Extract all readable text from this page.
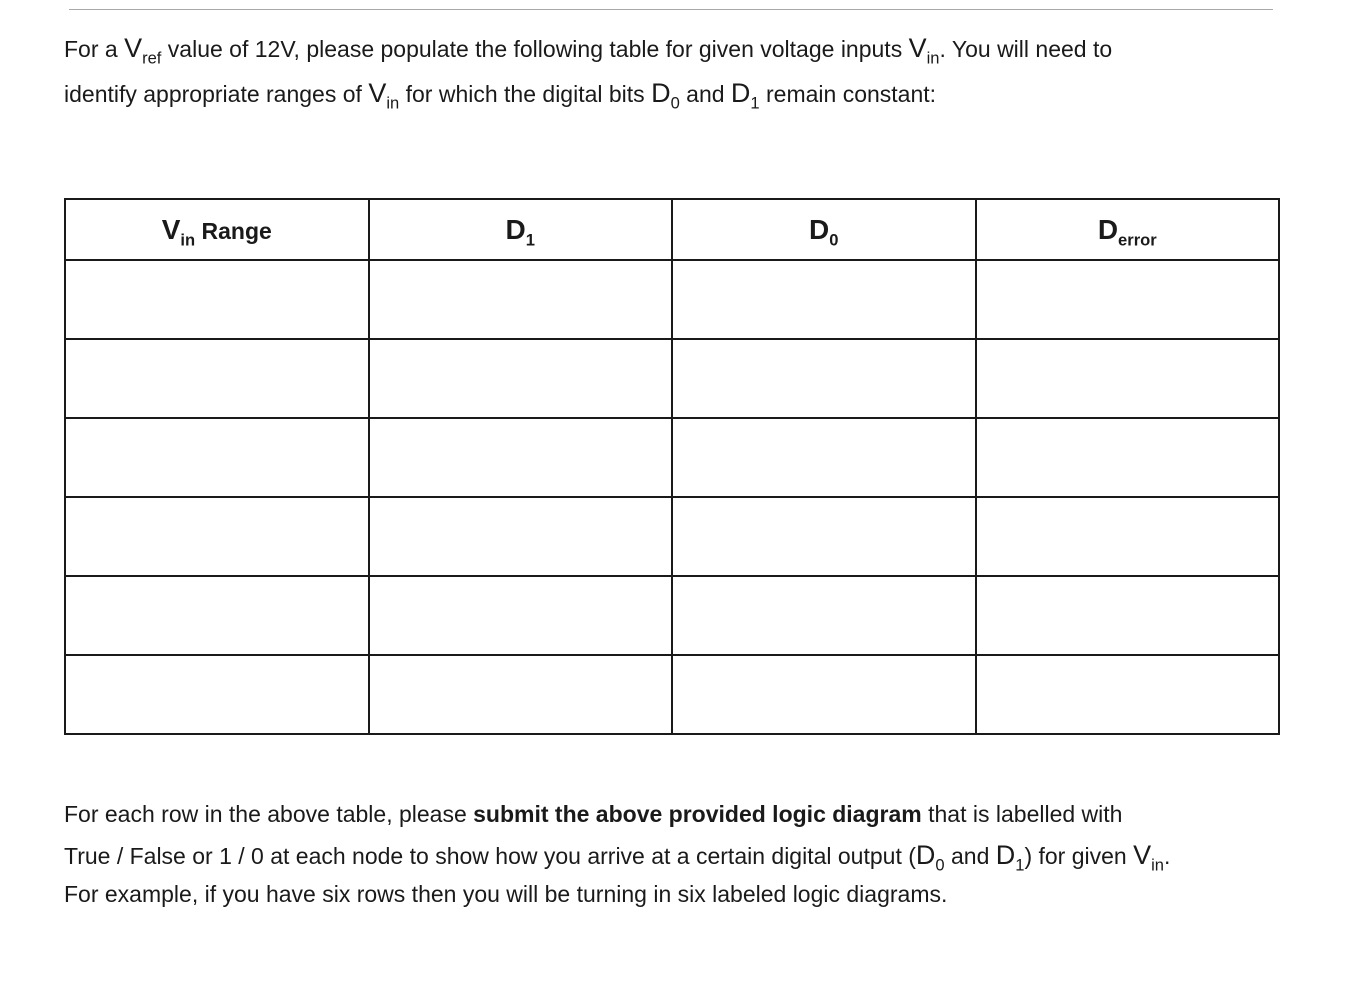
For a $V_{ref}$ value of 12V, please populate the following table for given voltage inputs $V_{in}$. You will need to
identify appropriate ranges of $V_{in}$ for which the digital bits $D_0$ and $D_1$ remain constant:

$V_{in}$ Range	$D_1$	$D_0$	$D_{error}$

For each row in the above table, please submit the above provided logic diagram that is labelled with
True / False or 1 / 0 at each node to show how you arrive at a certain digital output ($D_0$ and $D_1$) for given $V_{in}$.
For example, if you have six rows then you will be turning in six labeled logic diagrams.
